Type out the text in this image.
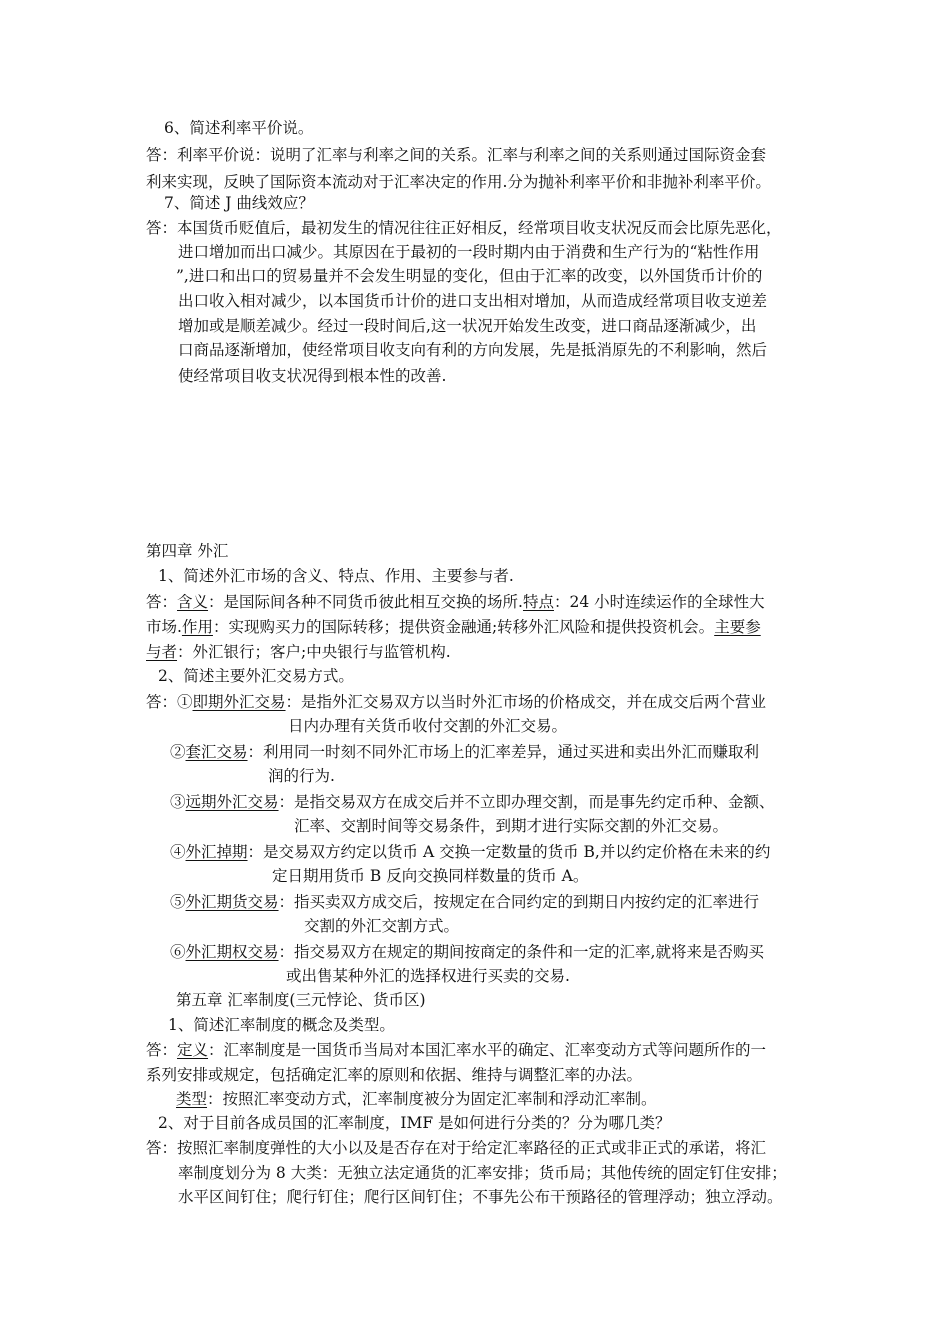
6、简述利率平价说。
答：利率平价说：说明了汇率与利率之间的关系。汇率与利率之间的关系则通过国际资金套
利来实现，反映了国际资本流动对于汇率决定的作用.分为抛补利率平价和非抛补利率平价。
7、简述 J 曲线效应？
答：本国货币贬值后，最初发生的情况往往正好相反，经常项目收支状况反而会比原先恶化，
进口增加而出口减少。其原因在于最初的一段时期内由于消费和生产行为的“粘性作用
”,进口和出口的贸易量并不会发生明显的变化，但由于汇率的改变，以外国货币计价的
出口收入相对减少，以本国货币计价的进口支出相对增加，从而造成经常项目收支逆差
增加或是顺差减少。经过一段时间后,这一状况开始发生改变，进口商品逐渐减少，出
口商品逐渐增加，使经常项目收支向有利的方向发展，先是抵消原先的不利影响，然后
使经常项目收支状况得到根本性的改善.
第四章 外汇
1、简述外汇市场的含义、特点、作用、主要参与者.
答：含义：是国际间各种不同货币彼此相互交换的场所.特点：24 小时连续运作的全球性大
市场.作用：实现购买力的国际转移；提供资金融通;转移外汇风险和提供投资机会。主要参
与者：外汇银行；客户;中央银行与监管机构.
2、简述主要外汇交易方式。
答：①即期外汇交易：是指外汇交易双方以当时外汇市场的价格成交，并在成交后两个营业
日内办理有关货币收付交割的外汇交易。
②套汇交易：利用同一时刻不同外汇市场上的汇率差异，通过买进和卖出外汇而赚取利
润的行为.
③远期外汇交易：是指交易双方在成交后并不立即办理交割，而是事先约定币种、金额、
汇率、交割时间等交易条件，到期才进行实际交割的外汇交易。
④外汇掉期：是交易双方约定以货币 A 交换一定数量的货币 B,并以约定价格在未来的约
定日期用货币 B 反向交换同样数量的货币 A。
⑤外汇期货交易：指买卖双方成交后，按规定在合同约定的到期日内按约定的汇率进行
交割的外汇交割方式。
⑥外汇期权交易：指交易双方在规定的期间按商定的条件和一定的汇率,就将来是否购买
或出售某种外汇的选择权进行买卖的交易.
第五章 汇率制度(三元悖论、货币区)
1、简述汇率制度的概念及类型。
答：定义：汇率制度是一国货币当局对本国汇率水平的确定、汇率变动方式等问题所作的一
系列安排或规定，包括确定汇率的原则和依据、维持与调整汇率的办法。
类型：按照汇率变动方式，汇率制度被分为固定汇率制和浮动汇率制。
2、对于目前各成员国的汇率制度，IMF 是如何进行分类的？分为哪几类？
答：按照汇率制度弹性的大小以及是否存在对于给定汇率路径的正式或非正式的承诺，将汇
率制度划分为 8 大类：无独立法定通货的汇率安排；货币局；其他传统的固定钉住安排；
水平区间钉住；爬行钉住；爬行区间钉住；不事先公布干预路径的管理浮动；独立浮动。
